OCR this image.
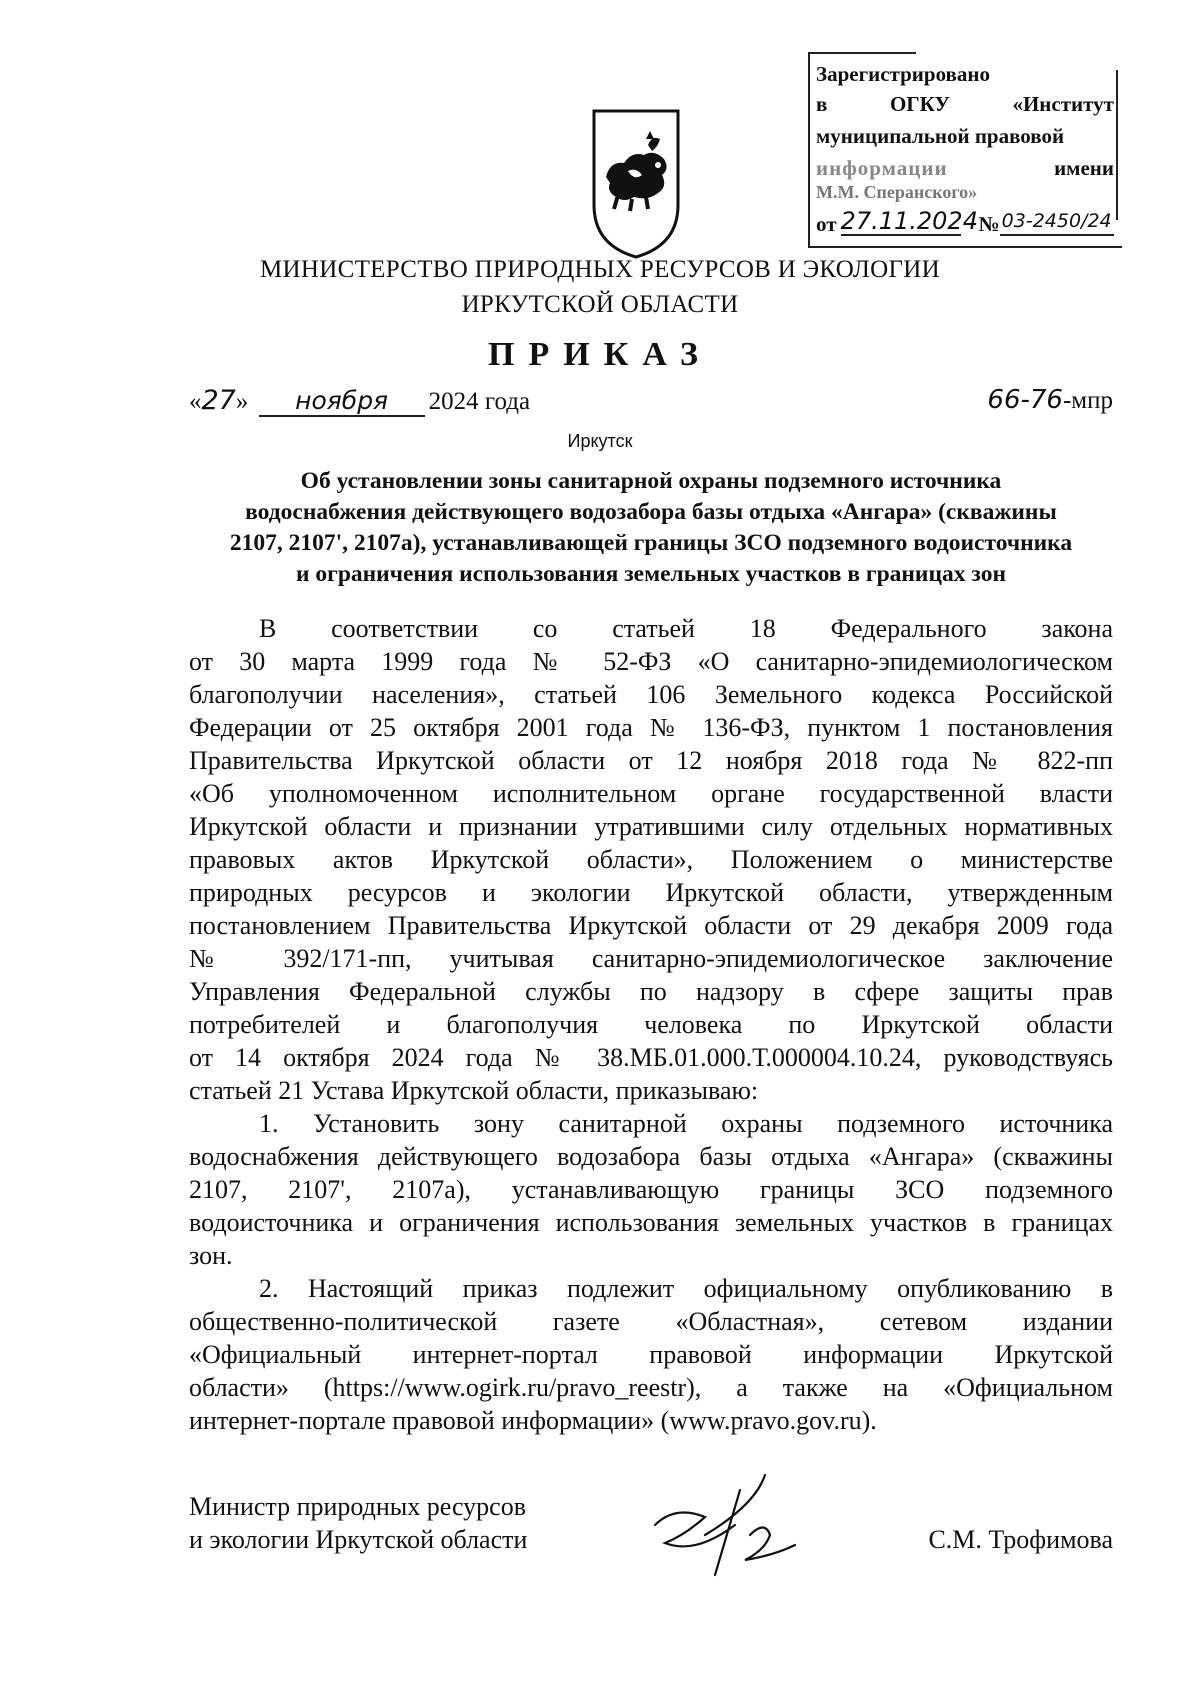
Зарегистрировано
в	ОГКУ	«Институт
муниципальной правовой
информации	имени
М.М. Сперанского»
от 27.11.2024 № 03-2450/24
МИНИСТЕРСТВО ПРИРОДНЫХ РЕСУРСОВ И ЭКОЛОГИИ
ИРКУТСКОЙ ОБЛАСТИ
ПРИКАЗ
«27» ноября 2024 года	66-76-мпр
Иркутск
Об установлении зоны санитарной охраны подземного источника
водоснабжения действующего водозабора базы отдыха «Ангара» (скважины
2107, 2107', 2107а), устанавливающей границы ЗСО подземного водоисточника
и ограничения использования земельных участков в границах зон
В соответствии со статьей 18 Федерального закона
от 30 марта 1999 года № 52-ФЗ «О санитарно-эпидемиологическом
благополучии населения», статьей 106 Земельного кодекса Российской
Федерации от 25 октября 2001 года № 136-ФЗ, пунктом 1 постановления
Правительства Иркутской области от 12 ноября 2018 года № 822-пп
«Об уполномоченном исполнительном органе государственной власти
Иркутской области и признании утратившими силу отдельных нормативных
правовых актов Иркутской области», Положением о министерстве
природных ресурсов и экологии Иркутской области, утвержденным
постановлением Правительства Иркутской области от 29 декабря 2009 года
№ 392/171-пп, учитывая санитарно-эпидемиологическое заключение
Управления Федеральной службы по надзору в сфере защиты прав
потребителей и благополучия человека по Иркутской области
от 14 октября 2024 года № 38.МБ.01.000.Т.000004.10.24, руководствуясь
статьей 21 Устава Иркутской области, приказываю:
1. Установить зону санитарной охраны подземного источника
водоснабжения действующего водозабора базы отдыха «Ангара» (скважины
2107, 2107', 2107а), устанавливающую границы ЗСО подземного
водоисточника и ограничения использования земельных участков в границах
зон.
2. Настоящий приказ подлежит официальному опубликованию в
общественно-политической газете «Областная», сетевом издании
«Официальный интернет-портал правовой информации Иркутской
области» (https://www.ogirk.ru/pravo_reestr), а также на «Официальном
интернет-портале правовой информации» (www.pravo.gov.ru).
Министр природных ресурсов
и экологии Иркутской области	С.М. Трофимова
